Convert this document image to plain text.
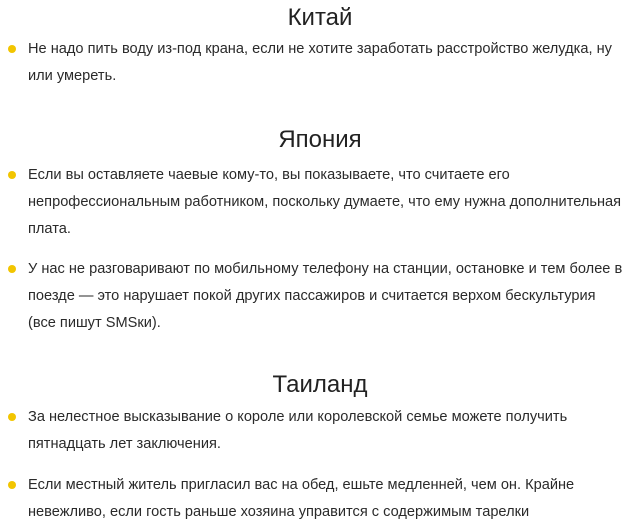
Китай
Не надо пить воду из-под крана, если не хотите заработать расстройство желудка, ну или умереть.
Япония
Если вы оставляете чаевые кому-то, вы показываете, что считаете его непрофессиональным работником, поскольку думаете, что ему нужна дополнительная плата.
У нас не разговаривают по мобильному телефону на станции, остановке и тем более в поезде — это нарушает покой других пассажиров и считается верхом бескультурия (все пишут SMSки).
Таиланд
За нелестное высказывание о короле или королевской семье можете получить пятнадцать лет заключения.
Если местный житель пригласил вас на обед, ешьте медленней, чем он. Крайне невежливо, если гость раньше хозяина управится с содержимым тарелки
